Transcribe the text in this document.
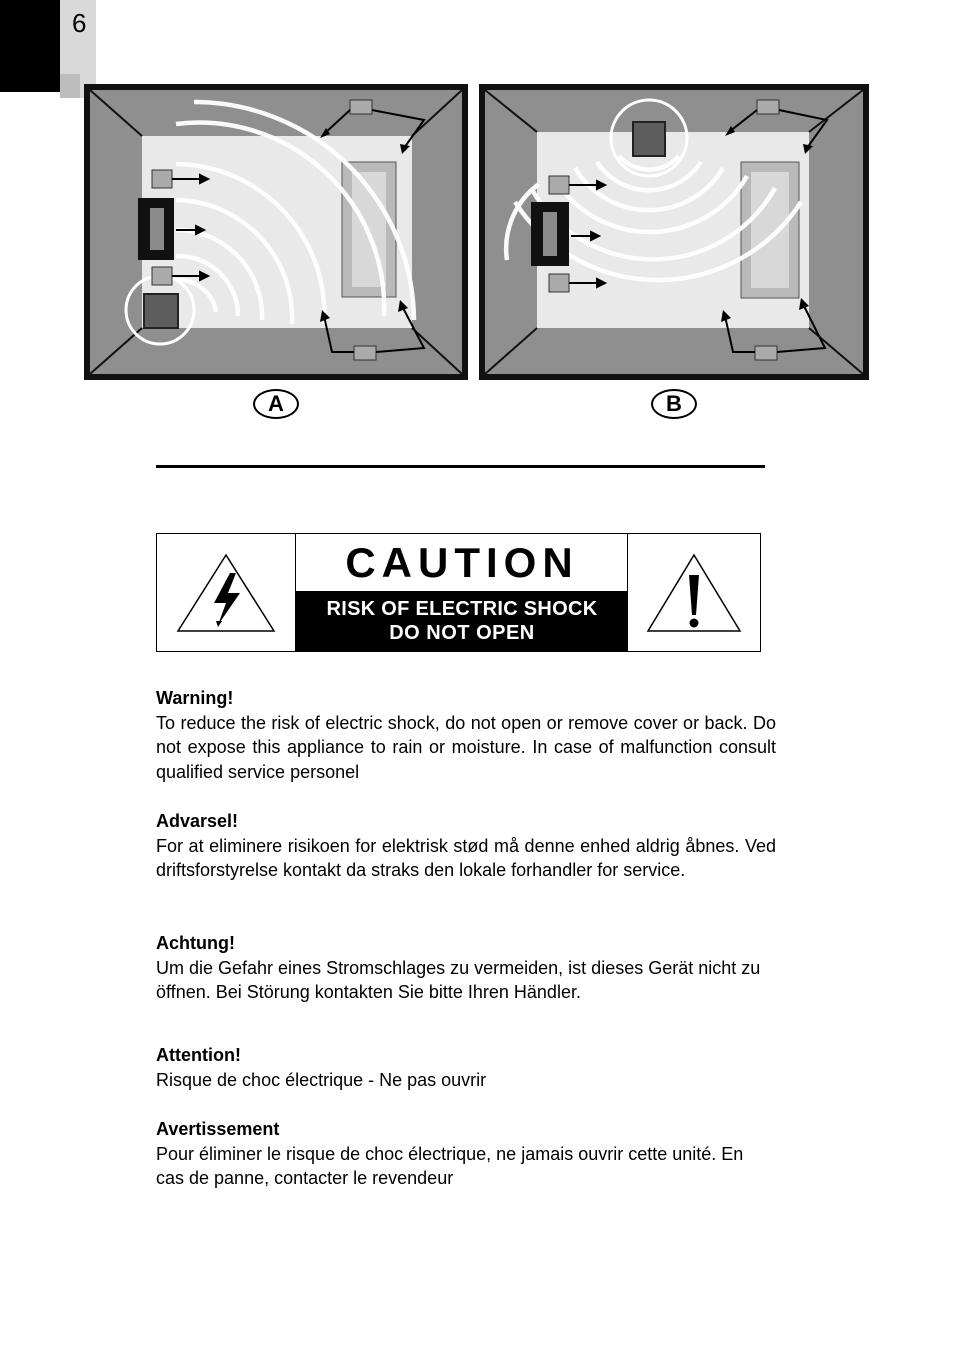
6
A	B
CAUTION
RISK OF ELECTRIC SHOCK
DO NOT OPEN
Warning!

To reduce the risk of electric shock, do not open or remove cover or back. Do not expose this appliance to rain or moisture. In case of malfunction consult qualified service personel

Advarsel!

For at eliminere risikoen for elektrisk stød må denne enhed aldrig åbnes. Ved driftsforstyrelse kontakt da straks den lokale forhandler for service.

Achtung!

Um die Gefahr eines Stromschlages zu vermeiden, ist dieses Gerät nicht zu öffnen. Bei Störung kontakten Sie bitte Ihren Händler.

Attention!

Risque de choc électrique - Ne pas ouvrir

Avertissement

Pour éliminer le risque de choc électrique, ne jamais ouvrir cette unité. En cas de panne, contacter le revendeur
